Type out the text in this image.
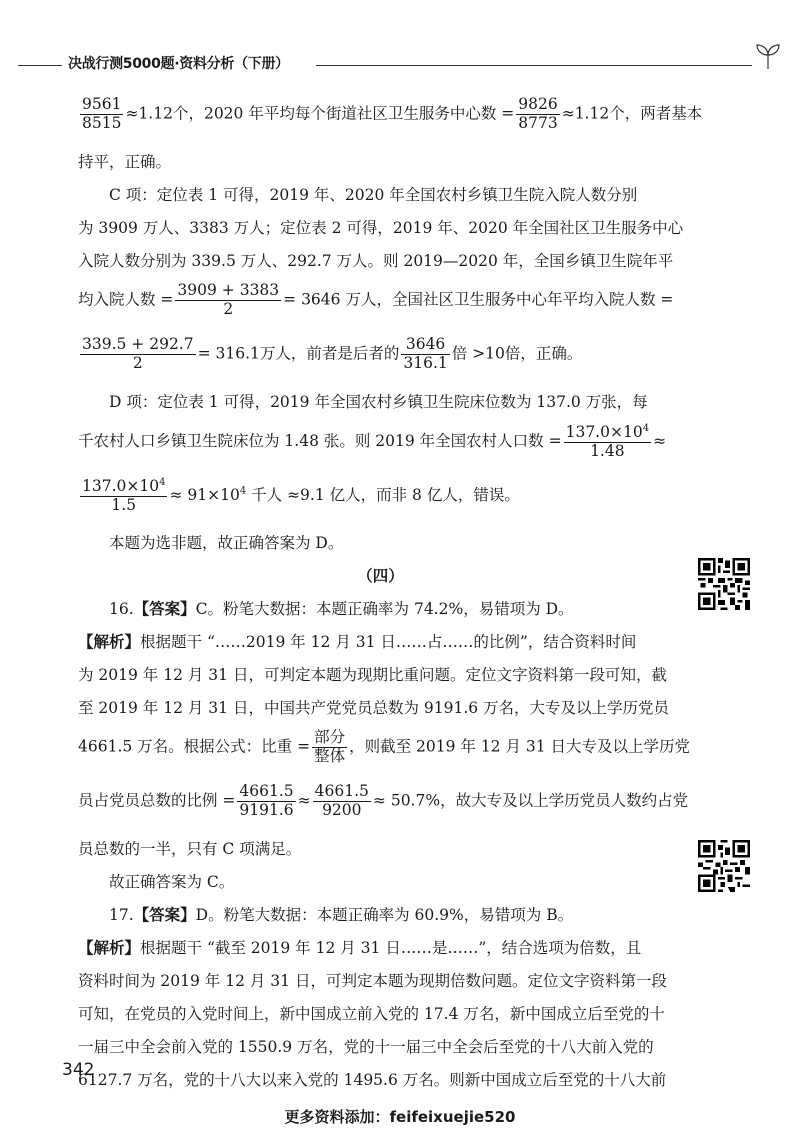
决战行测5000题·资料分析（下册）
$\frac{9561}{8515} \approx 1.12$个，2020 年平均每个街道社区卫生服务中心数 = $\frac{9826}{8773} \approx 1.12$个，两者基本
持平，正确。
C 项：定位表 1 可得，2019 年、2020 年全国农村乡镇卫生院入院人数分别
为 3909 万人、3383 万人；定位表 2 可得，2019 年、2020 年全国社区卫生服务中心
入院人数分别为 339.5 万人、292.7 万人。则 2019—2020 年，全国乡镇卫生院年平
均入院人数 = $\frac{3909 + 3383}{2} = 3646$ 万人，全国社区卫生服务中心年平均入院人数 =
$\frac{339.5 + 292.7}{2} = 316.1$万人，前者是后者的 $\frac{3646}{316.1}$ 倍 >10倍，正确。
D 项：定位表 1 可得，2019 年全国农村乡镇卫生院床位数为 137.0 万张，每
千农村人口乡镇卫生院床位为 1.48 张。则 2019 年全国农村人口数 = $\frac{137.0\times 10^4}{1.48}$ ≈
$\frac{137.0\times 10^4}{1.5} \approx 91\times 10^4$ 千人 ≈9.1 亿人，而非 8 亿人，错误。
本题为选非题，故正确答案为 D。
（四）
16.【答案】C。粉笔大数据：本题正确率为 74.2%，易错项为 D。
【解析】根据题干 “……2019 年 12 月 31 日……占……的比例”，结合资料时间
为 2019 年 12 月 31 日，可判定本题为现期比重问题。定位文字资料第一段可知，截
至 2019 年 12 月 31 日，中国共产党党员总数为 9191.6 万名，大专及以上学历党员
4661.5 万名。根据公式：比重 = $\frac{\text{部分}}{\text{整体}}$ ，则截至 2019 年 12 月 31 日大专及以上学历党
员占党员总数的比例 = $\frac{4661.5}{9191.6} \approx \frac{4661.5}{9200} \approx 50.7\%$，故大专及以上学历党员人数约占党
员总数的一半，只有 C 项满足。
故正确答案为 C。
17.【答案】D。粉笔大数据：本题正确率为 60.9%，易错项为 B。
【解析】根据题干 “截至 2019 年 12 月 31 日……是……”，结合选项为倍数，且
资料时间为 2019 年 12 月 31 日，可判定本题为现期倍数问题。定位文字资料第一段
可知，在党员的入党时间上，新中国成立前入党的 17.4 万名，新中国成立后至党的十
一届三中全会前入党的 1550.9 万名，党的十一届三中全会后至党的十八大前入党的
6127.7 万名，党的十八大以来入党的 1495.6 万名。则新中国成立后至党的十八大前
342
更多资料添加：feifeixuejie520
